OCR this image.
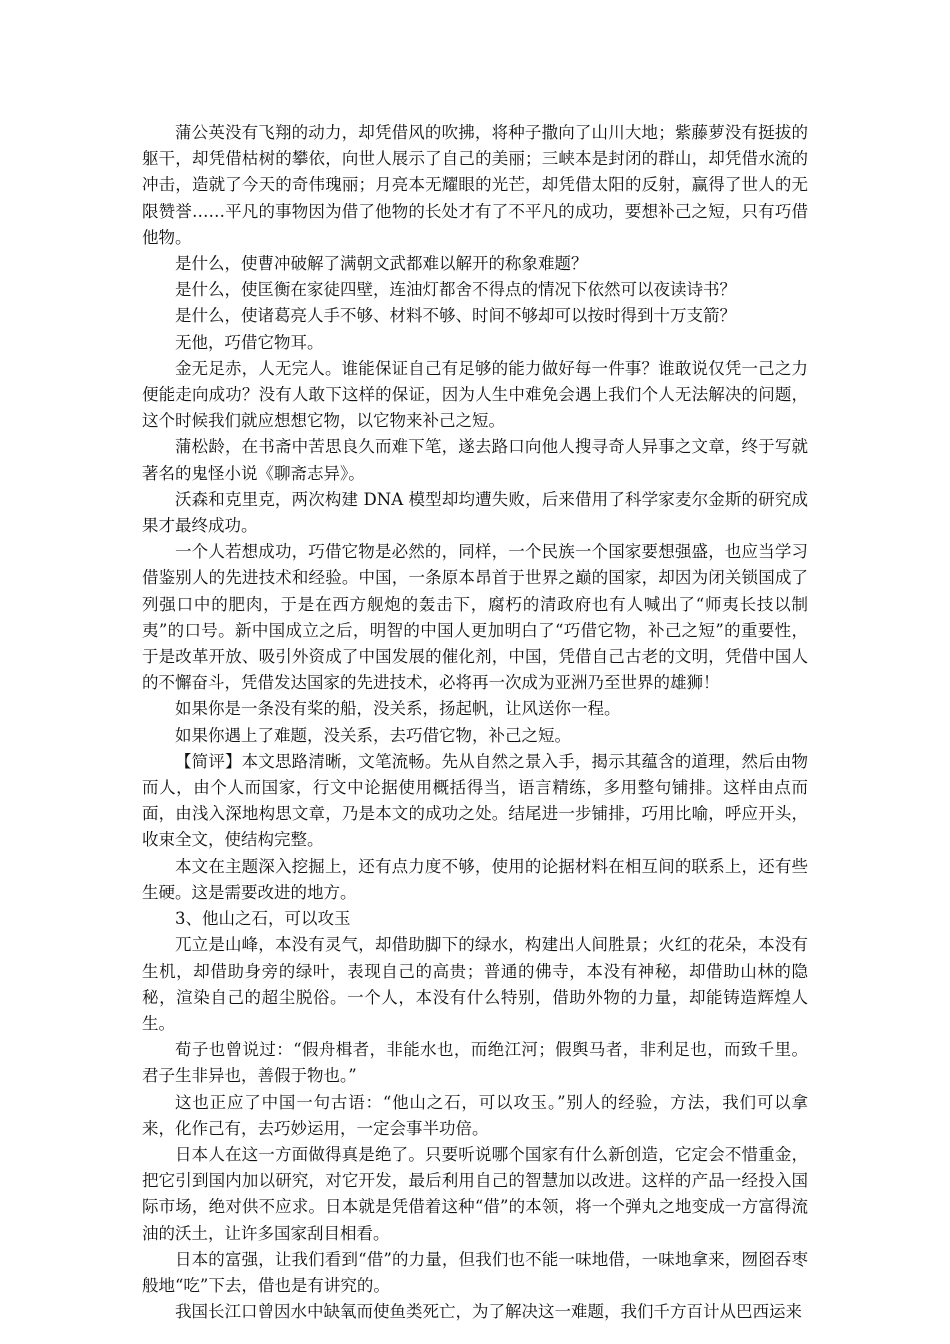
蒲公英没有飞翔的动力，却凭借风的吹拂，将种子撒向了山川大地；紫藤萝没有挺拔的躯干，却凭借枯树的攀依，向世人展示了自己的美丽；三峡本是封闭的群山，却凭借水流的冲击，造就了今天的奇伟瑰丽；月亮本无耀眼的光芒，却凭借太阳的反射，赢得了世人的无限赞誉……平凡的事物因为借了他物的长处才有了不平凡的成功，要想补己之短，只有巧借他物。

是什么，使曹冲破解了满朝文武都难以解开的称象难题？

是什么，使匡衡在家徒四壁，连油灯都舍不得点的情况下依然可以夜读诗书？

是什么，使诸葛亮人手不够、材料不够、时间不够却可以按时得到十万支箭？

无他，巧借它物耳。

金无足赤，人无完人。谁能保证自己有足够的能力做好每一件事？谁敢说仅凭一己之力便能走向成功？没有人敢下这样的保证，因为人生中难免会遇上我们个人无法解决的问题，这个时候我们就应想想它物，以它物来补己之短。

蒲松龄，在书斋中苦思良久而难下笔，遂去路口向他人搜寻奇人异事之文章，终于写就著名的鬼怪小说《聊斋志异》。

沃森和克里克，两次构建 DNA 模型却均遭失败，后来借用了科学家麦尔金斯的研究成果才最终成功。

一个人若想成功，巧借它物是必然的，同样，一个民族一个国家要想强盛，也应当学习借鉴别人的先进技术和经验。中国，一条原本昂首于世界之巅的国家，却因为闭关锁国成了列强口中的肥肉，于是在西方舰炮的轰击下，腐朽的清政府也有人喊出了“师夷长技以制夷”的口号。新中国成立之后，明智的中国人更加明白了“巧借它物，补己之短”的重要性，于是改革开放、吸引外资成了中国发展的催化剂，中国，凭借自己古老的文明，凭借中国人的不懈奋斗，凭借发达国家的先进技术，必将再一次成为亚洲乃至世界的雄狮！

如果你是一条没有桨的船，没关系，扬起帆，让风送你一程。

如果你遇上了难题，没关系，去巧借它物，补己之短。

【简评】本文思路清晰，文笔流畅。先从自然之景入手，揭示其蕴含的道理，然后由物而人，由个人而国家，行文中论据使用概括得当，语言精练，多用整句铺排。这样由点而面，由浅入深地构思文章，乃是本文的成功之处。结尾进一步铺排，巧用比喻，呼应开头，收束全文，使结构完整。

本文在主题深入挖掘上，还有点力度不够，使用的论据材料在相互间的联系上，还有些生硬。这是需要改进的地方。

3、他山之石，可以攻玉

兀立是山峰，本没有灵气，却借助脚下的绿水，构建出人间胜景；火红的花朵，本没有生机，却借助身旁的绿叶，表现自己的高贵；普通的佛寺，本没有神秘，却借助山林的隐秘，渲染自己的超尘脱俗。一个人，本没有什么特别，借助外物的力量，却能铸造辉煌人生。

荀子也曾说过：“假舟楫者，非能水也，而绝江河；假舆马者，非利足也，而致千里。君子生非异也，善假于物也。”

这也正应了中国一句古语：“他山之石，可以攻玉。”别人的经验，方法，我们可以拿来，化作己有，去巧妙运用，一定会事半功倍。

日本人在这一方面做得真是绝了。只要听说哪个国家有什么新创造，它定会不惜重金，把它引到国内加以研究，对它开发，最后利用自己的智慧加以改进。这样的产品一经投入国际市场，绝对供不应求。日本就是凭借着这种“借”的本领，将一个弹丸之地变成一方富得流油的沃土，让许多国家刮目相看。

日本的富强，让我们看到“借”的力量，但我们也不能一味地借，一味地拿来，囫囵吞枣般地“吃”下去，借也是有讲究的。

我国长江口曾因水中缺氧而使鱼类死亡，为了解决这一难题，我们千方百计从巴西运来
